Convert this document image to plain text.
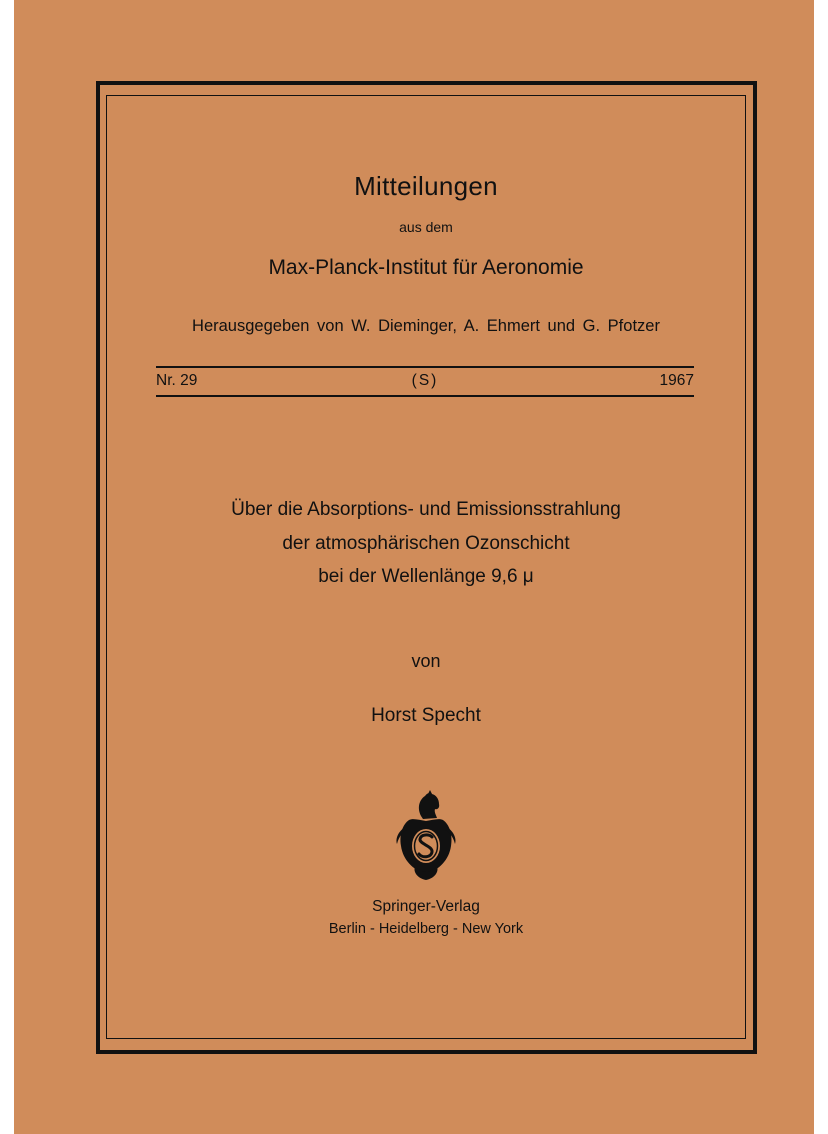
Mitteilungen
aus dem
Max-Planck-Institut für Aeronomie
Herausgegeben von W. Dieminger, A. Ehmert und G. Pfotzer
Nr. 29	(S)	1967
Über die Absorptions- und Emissionsstrahlung
der atmosphärischen Ozonschicht
bei der Wellenlänge 9,6 μ
von
Horst Specht
Springer-Verlag
Berlin - Heidelberg - New York
